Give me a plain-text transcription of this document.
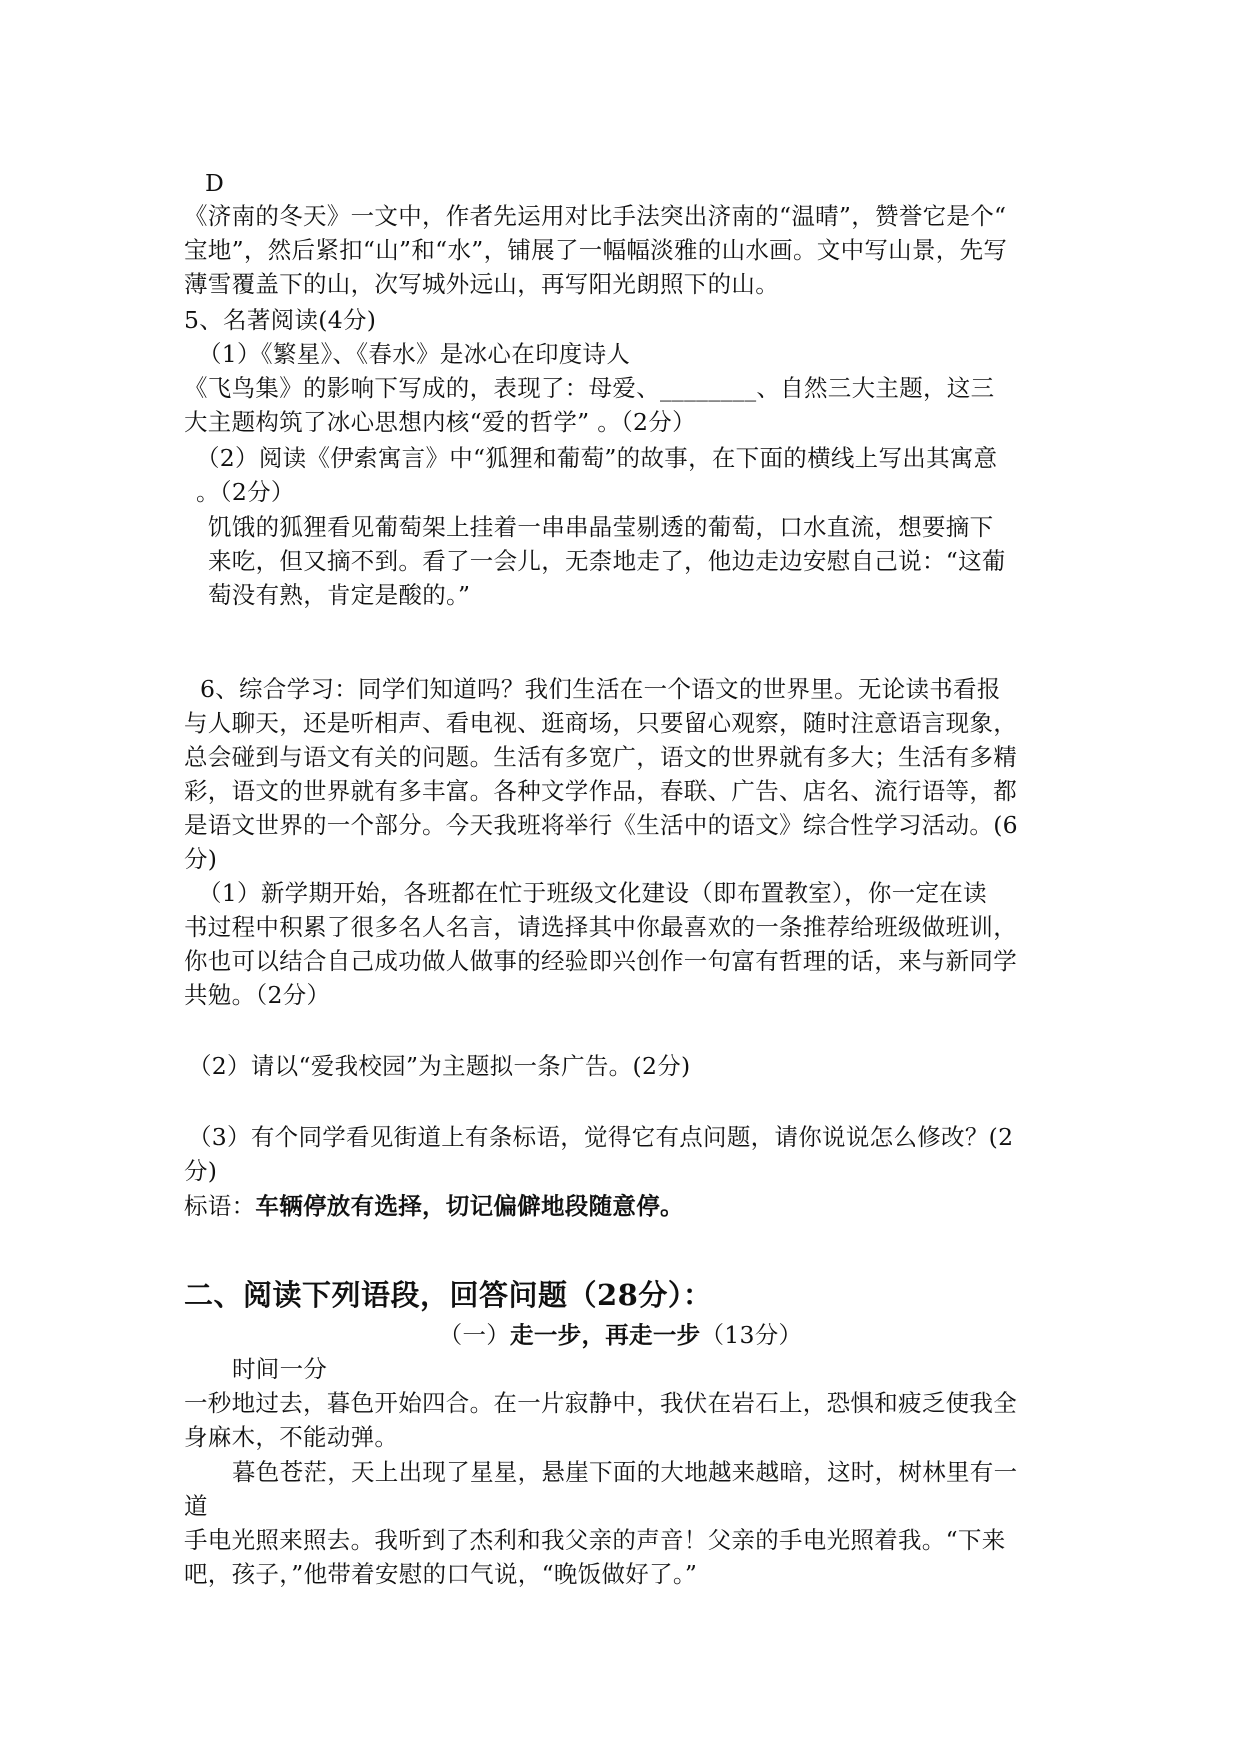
D
《济南的冬天》一文中，作者先运用对比手法突出济南的“温晴”，赞誉它是个“
宝地”，然后紧扣“山”和“水”，铺展了一幅幅淡雅的山水画。文中写山景，先写
薄雪覆盖下的山，次写城外远山，再写阳光朗照下的山。
5、名著阅读(4分)
（1）《繁星》、《春水》是冰心在印度诗人
《飞鸟集》的影响下写成的，表现了：母爱、________、自然三大主题，这三
大主题构筑了冰心思想内核“爱的哲学” 。（2分）
（2）阅读《伊索寓言》中“狐狸和葡萄”的故事，在下面的横线上写出其寓意
。（2分）
饥饿的狐狸看见葡萄架上挂着一串串晶莹剔透的葡萄，口水直流，想要摘下
来吃，但又摘不到。看了一会儿，无柰地走了，他边走边安慰自己说：“这葡
萄没有熟，肯定是酸的。”
6、综合学习：同学们知道吗？我们生活在一个语文的世界里。无论读书看报
与人聊天，还是听相声、看电视、逛商场，只要留心观察，随时注意语言现象，
总会碰到与语文有关的问题。生活有多宽广，语文的世界就有多大；生活有多精
彩，语文的世界就有多丰富。各种文学作品，春联、广告、店名、流行语等，都
是语文世界的一个部分。今天我班将举行《生活中的语文》综合性学习活动。(6
分)
（1）新学期开始，各班都在忙于班级文化建设（即布置教室），你一定在读
书过程中积累了很多名人名言，请选择其中你最喜欢的一条推荐给班级做班训，
你也可以结合自己成功做人做事的经验即兴创作一句富有哲理的话，来与新同学
共勉。（2分）
（2）请以“爱我校园”为主题拟一条广告。(2分)
（3）有个同学看见街道上有条标语，觉得它有点问题，请你说说怎么修改？(2
分)
标语：车辆停放有选择，切记偏僻地段随意停。
二、阅读下列语段，回答问题（28分）：
（一）走一步，再走一步（13分）
时间一分
一秒地过去，暮色开始四合。在一片寂静中，我伏在岩石上，恐惧和疲乏使我全
身麻木，不能动弹。
暮色苍茫，天上出现了星星，悬崖下面的大地越来越暗，这时，树林里有一
道
手电光照来照去。我听到了杰利和我父亲的声音！父亲的手电光照着我。“下来
吧，孩子，”他带着安慰的口气说，“晚饭做好了。”
